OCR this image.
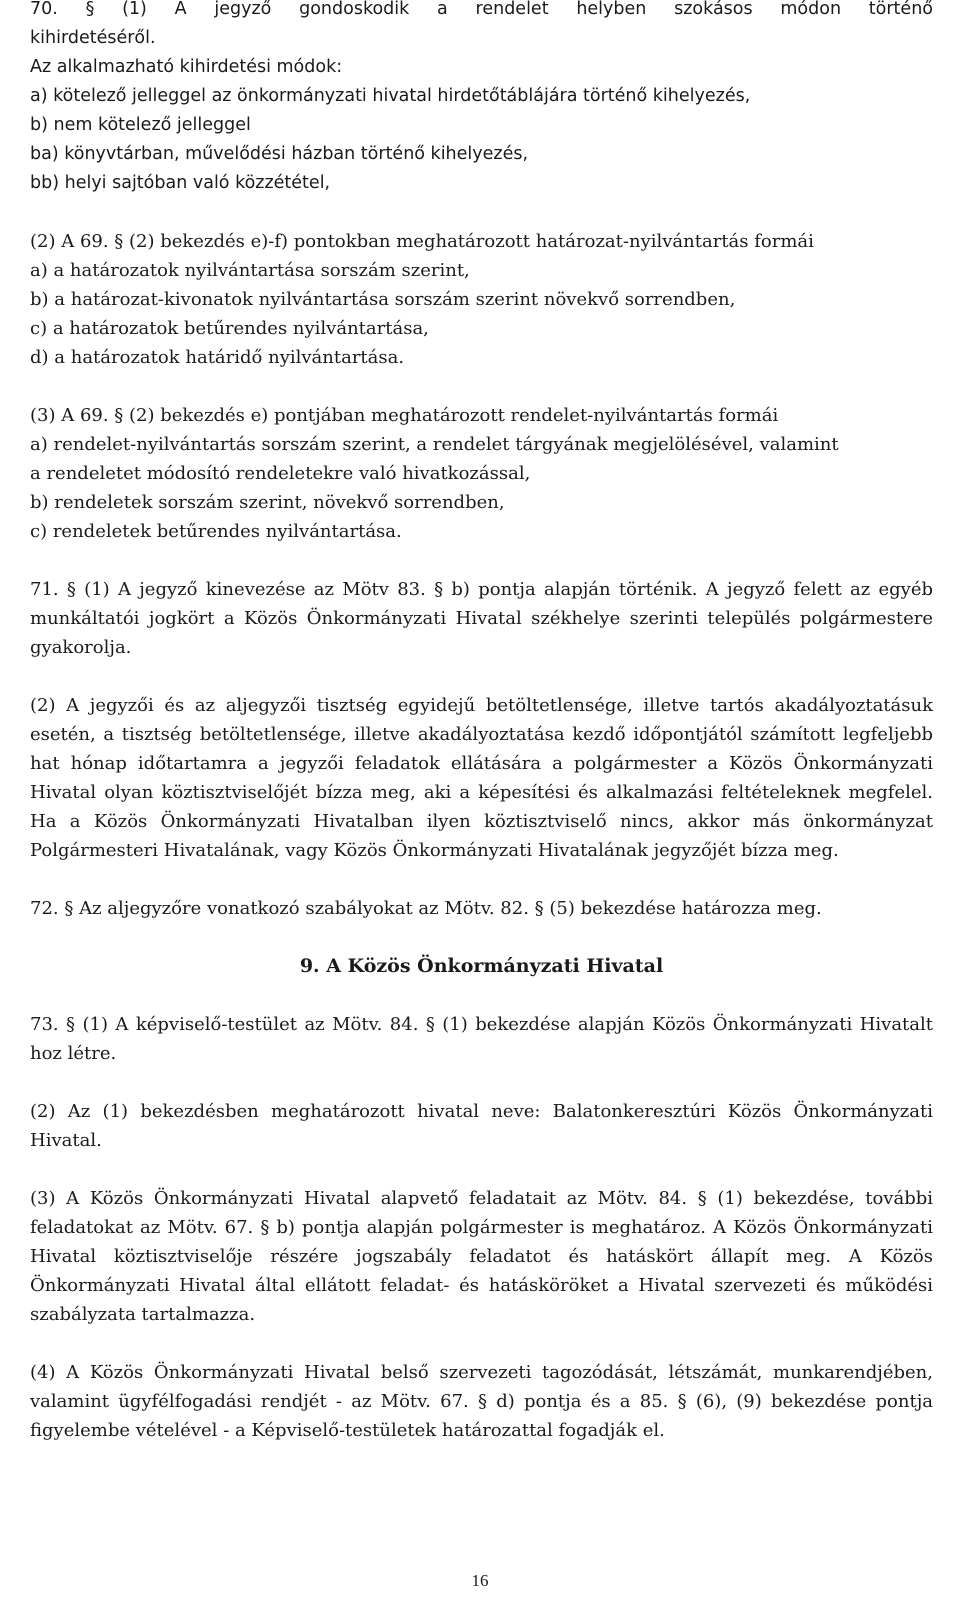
70. § (1) A jegyző gondoskodik a rendelet helyben szokásos módon történő

kihirdetéséről.

Az alkalmazható kihirdetési módok:
a) kötelező jelleggel az önkormányzati hivatal hirdetőtáblájára történő kihelyezés,
b) nem kötelező jelleggel
ba) könyvtárban, művelődési házban történő kihelyezés,
bb) helyi sajtóban való közzététel,
(2) A 69. § (2) bekezdés e)-f) pontokban meghatározott határozat-nyilvántartás formái
a) a határozatok nyilvántartása sorszám szerint,
b) a határozat-kivonatok nyilvántartása sorszám szerint növekvő sorrendben,
c) a határozatok betűrendes nyilvántartása,
d) a határozatok határidő nyilvántartása.
(3) A 69. § (2) bekezdés e) pontjában meghatározott rendelet-nyilvántartás formái
a) rendelet-nyilvántartás sorszám szerint, a rendelet tárgyának megjelölésével, valamint
a rendeletet módosító rendeletekre való hivatkozással,
b) rendeletek sorszám szerint, növekvő sorrendben,
c) rendeletek betűrendes nyilvántartása.

71. § (1) A jegyző kinevezése az Mötv 83. § b) pontja alapján történik. A jegyző felett az egyéb munkáltatói jogkört a Közös Önkormányzati Hivatal székhelye szerinti település polgármestere gyakorolja.

(2) A jegyzői és az aljegyzői tisztség egyidejű betöltetlensége, illetve tartós akadályoztatásuk esetén, a tisztség betöltetlensége, illetve akadályoztatása kezdő időpontjától számított legfeljebb hat hónap időtartamra a jegyzői feladatok ellátására a polgármester a Közös Önkormányzati Hivatal olyan köztisztviselőjét bízza meg, aki a képesítési és alkalmazási feltételeknek megfelel. Ha a Közös Önkormányzati Hivatalban ilyen köztisztviselő nincs, akkor más önkormányzat Polgármesteri Hivatalának, vagy Közös Önkormányzati Hivatalának jegyzőjét bízza meg.

72. § Az aljegyzőre vonatkozó szabályokat az Mötv. 82. § (5) bekezdése határozza meg.

9. A Közös Önkormányzati Hivatal

73. § (1) A képviselő-testület az Mötv. 84. § (1) bekezdése alapján Közös Önkormányzati Hivatalt hoz létre.

(2) Az (1) bekezdésben meghatározott hivatal neve: Balatonkeresztúri Közös Önkormányzati Hivatal.

(3) A Közös Önkormányzati Hivatal alapvető feladatait az Mötv. 84. § (1) bekezdése, további feladatokat az Mötv. 67. § b) pontja alapján polgármester is meghatároz. A Közös Önkormányzati Hivatal köztisztviselője részére jogszabály feladatot és hatáskört állapít meg. A Közös Önkormányzati Hivatal által ellátott feladat- és hatásköröket a Hivatal szervezeti és működési szabályzata tartalmazza.

(4) A Közös Önkormányzati Hivatal belső szervezeti tagozódását, létszámát, munkarendjében, valamint ügyfélfogadási rendjét - az Mötv. 67. § d) pontja és a 85. § (6), (9) bekezdése pontja figyelembe vételével - a Képviselő-testületek határozattal fogadják el.

16
